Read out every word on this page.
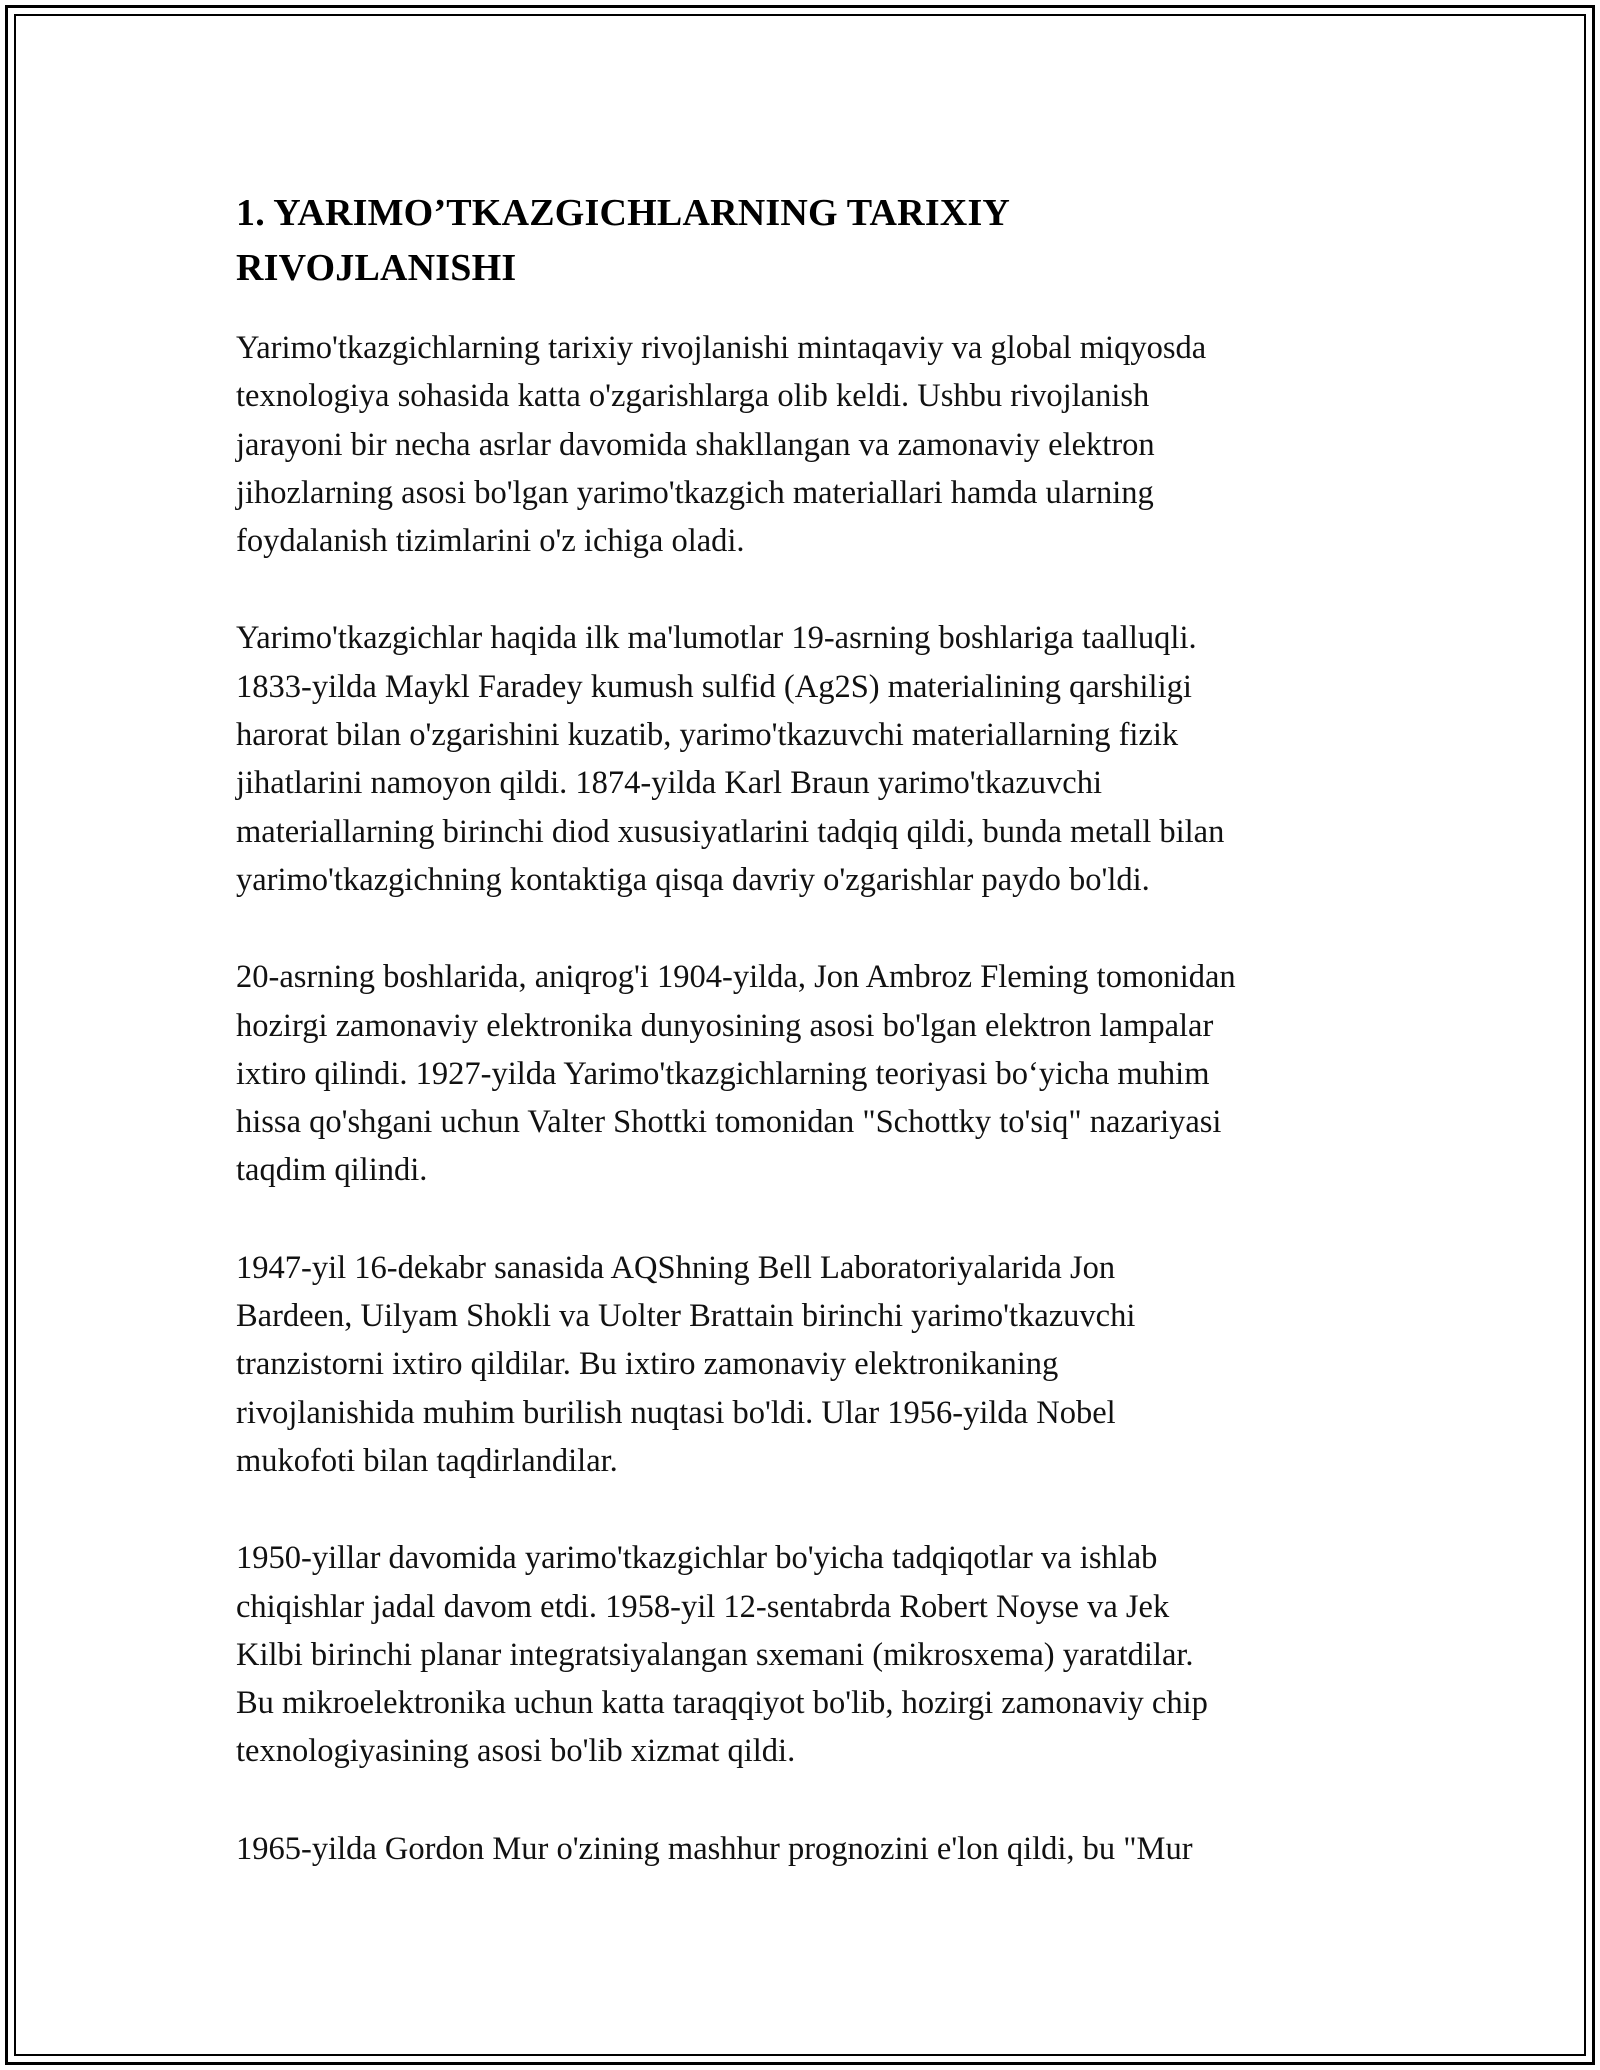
1. YARIMO’TKAZGICHLARNING TARIXIY
RIVOJLANISHI

Yarimo'tkazgichlarning tarixiy rivojlanishi mintaqaviy va global miqyosda
texnologiya sohasida katta o'zgarishlarga olib keldi. Ushbu rivojlanish
jarayoni bir necha asrlar davomida shakllangan va zamonaviy elektron
jihozlarning asosi bo'lgan yarimo'tkazgich materiallari hamda ularning
foydalanish tizimlarini o'z ichiga oladi.

Yarimo'tkazgichlar haqida ilk ma'lumotlar 19-asrning boshlariga taalluqli.
1833-yilda Maykl Faradey kumush sulfid (Ag2S) materialining qarshiligi
harorat bilan o'zgarishini kuzatib, yarimo'tkazuvchi materiallarning fizik
jihatlarini namoyon qildi. 1874-yilda Karl Braun yarimo'tkazuvchi
materiallarning birinchi diod xususiyatlarini tadqiq qildi, bunda metall bilan
yarimo'tkazgichning kontaktiga qisqa davriy o'zgarishlar paydo bo'ldi.

20-asrning boshlarida, aniqrog'i 1904-yilda, Jon Ambroz Fleming tomonidan
hozirgi zamonaviy elektronika dunyosining asosi bo'lgan elektron lampalar
ixtiro qilindi. 1927-yilda Yarimo'tkazgichlarning teoriyasi bo‘yicha muhim
hissa qo'shgani uchun Valter Shottki tomonidan "Schottky to'siq" nazariyasi
taqdim qilindi.

1947-yil 16-dekabr sanasida AQShning Bell Laboratoriyalarida Jon
Bardeen, Uilyam Shokli va Uolter Brattain birinchi yarimo'tkazuvchi
tranzistorni ixtiro qildilar. Bu ixtiro zamonaviy elektronikaning
rivojlanishida muhim burilish nuqtasi bo'ldi. Ular 1956-yilda Nobel
mukofoti bilan taqdirlandilar.

1950-yillar davomida yarimo'tkazgichlar bo'yicha tadqiqotlar va ishlab
chiqishlar jadal davom etdi. 1958-yil 12-sentabrda Robert Noyse va Jek
Kilbi birinchi planar integratsiyalangan sxemani (mikrosxema) yaratdilar.
Bu mikroelektronika uchun katta taraqqiyot bo'lib, hozirgi zamonaviy chip
texnologiyasining asosi bo'lib xizmat qildi.

1965-yilda Gordon Mur o'zining mashhur prognozini e'lon qildi, bu "Mur
